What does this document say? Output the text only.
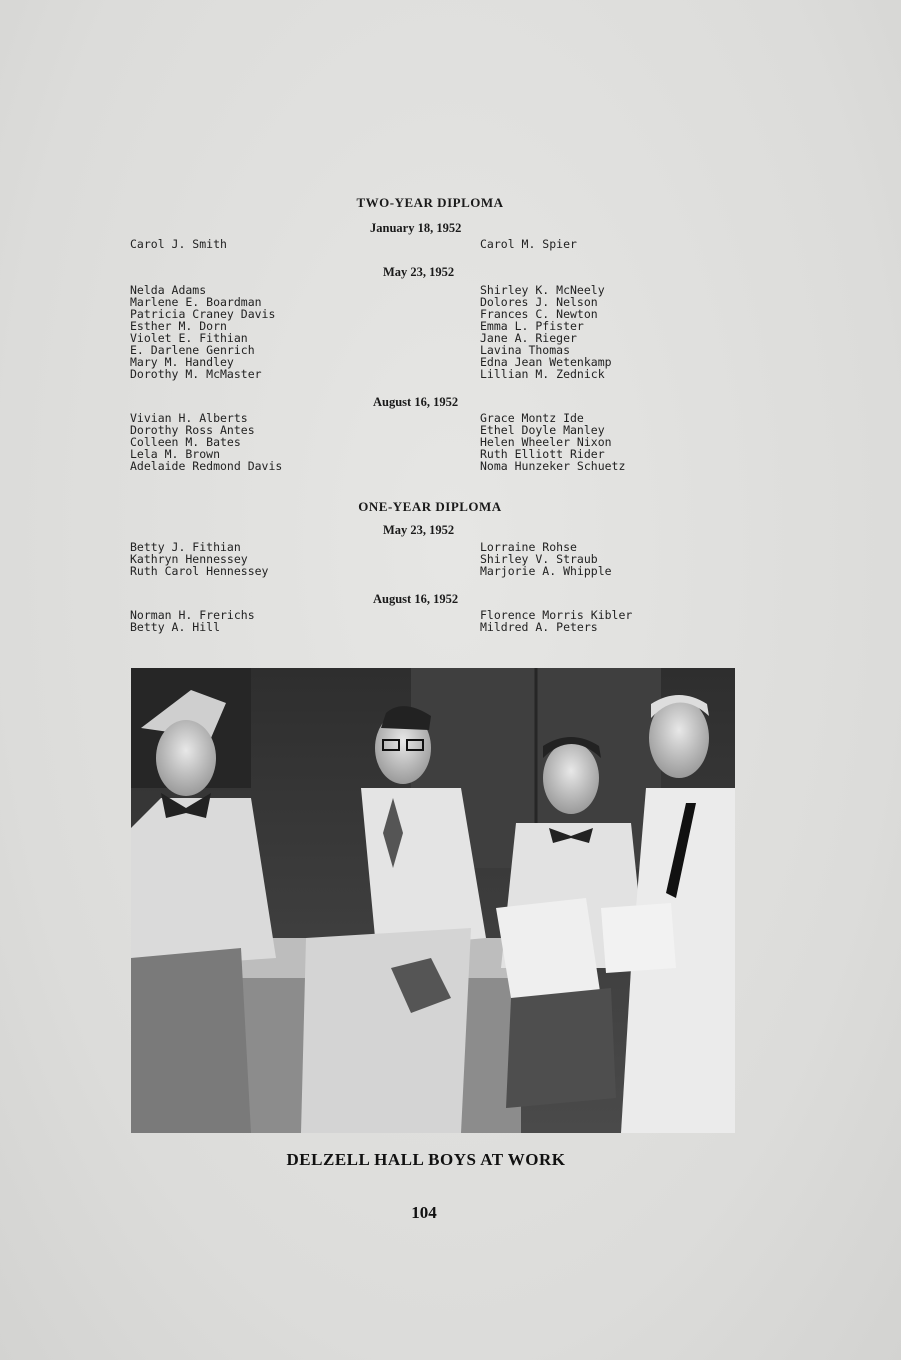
TWO-YEAR DIPLOMA
January 18, 1952
Carol J. Smith	Carol M. Spier
May 23, 1952
Nelda Adams
Marlene E. Boardman
Patricia Craney Davis
Esther M. Dorn
Violet E. Fithian
E. Darlene Genrich
Mary M. Handley
Dorothy M. McMaster
Shirley K. McNeely
Dolores J. Nelson
Frances C. Newton
Emma L. Pfister
Jane A. Rieger
Lavina Thomas
Edna Jean Wetenkamp
Lillian M. Zednick
August 16, 1952
Vivian H. Alberts
Dorothy Ross Antes
Colleen M. Bates
Lela M. Brown
Adelaide Redmond Davis
Grace Montz Ide
Ethel Doyle Manley
Helen Wheeler Nixon
Ruth Elliott Rider
Noma Hunzeker Schuetz
ONE-YEAR DIPLOMA
May 23, 1952
Betty J. Fithian
Kathryn Hennessey
Ruth Carol Hennessey
Lorraine Rohse
Shirley V. Straub
Marjorie A. Whipple
August 16, 1952
Norman H. Frerichs
Betty A. Hill
Florence Morris Kibler
Mildred A. Peters
DELZELL HALL BOYS AT WORK
104
